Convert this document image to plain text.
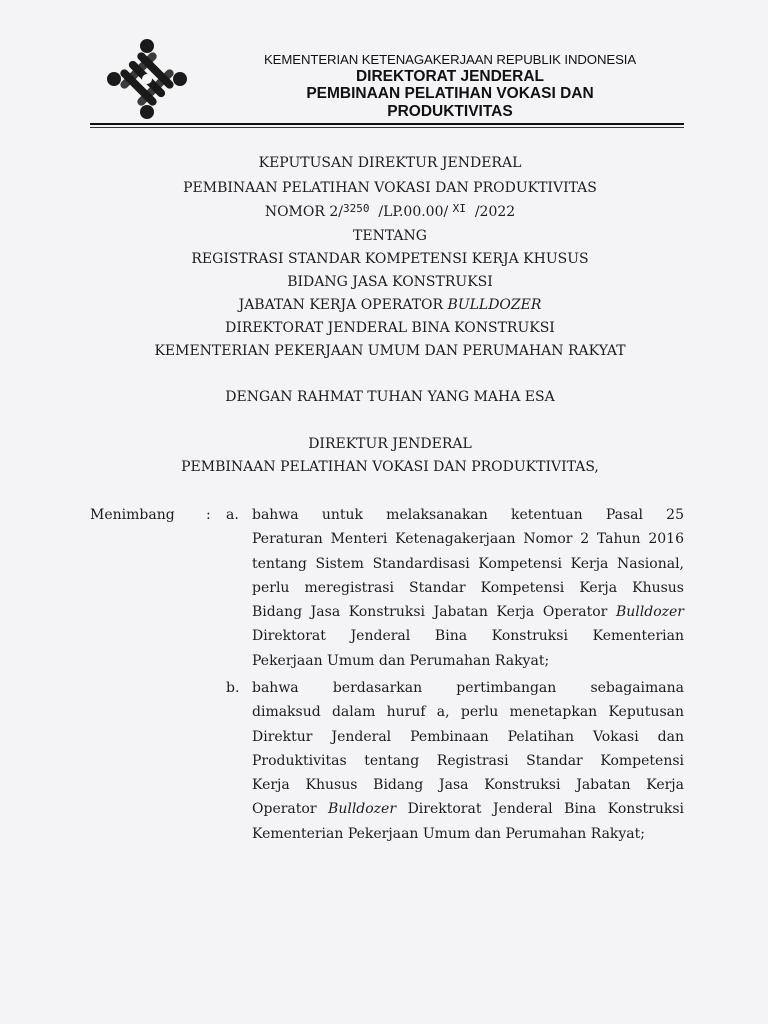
KEMENTERIAN KETENAGAKERJAAN REPUBLIK INDONESIA
DIREKTORAT JENDERAL
PEMBINAAN PELATIHAN VOKASI DAN PRODUKTIVITAS
KEPUTUSAN DIREKTUR JENDERAL
PEMBINAAN PELATIHAN VOKASI DAN PRODUKTIVITAS
NOMOR 2/$^{3250}$ /LP.00.00/ $^{XI}$ /2022
TENTANG
REGISTRASI STANDAR KOMPETENSI KERJA KHUSUS
BIDANG JASA KONSTRUKSI
JABATAN KERJA OPERATOR BULLDOZER
DIREKTORAT JENDERAL BINA KONSTRUKSI
KEMENTERIAN PEKERJAAN UMUM DAN PERUMAHAN RAKYAT
DENGAN RAHMAT TUHAN YANG MAHA ESA
DIREKTUR JENDERAL
PEMBINAAN PELATIHAN VOKASI DAN PRODUKTIVITAS,
Menimbang : a. bahwa untuk melaksanakan ketentuan Pasal 25
Peraturan Menteri Ketenagakerjaan Nomor 2 Tahun 2016
tentang Sistem Standardisasi Kompetensi Kerja Nasional,
perlu meregistrasi Standar Kompetensi Kerja Khusus
Bidang Jasa Konstruksi Jabatan Kerja Operator Bulldozer
Direktorat Jenderal Bina Konstruksi Kementerian
Pekerjaan Umum dan Perumahan Rakyat;
b. bahwa berdasarkan pertimbangan sebagaimana
dimaksud dalam huruf a, perlu menetapkan Keputusan
Direktur Jenderal Pembinaan Pelatihan Vokasi dan
Produktivitas tentang Registrasi Standar Kompetensi
Kerja Khusus Bidang Jasa Konstruksi Jabatan Kerja
Operator Bulldozer Direktorat Jenderal Bina Konstruksi
Kementerian Pekerjaan Umum dan Perumahan Rakyat;
